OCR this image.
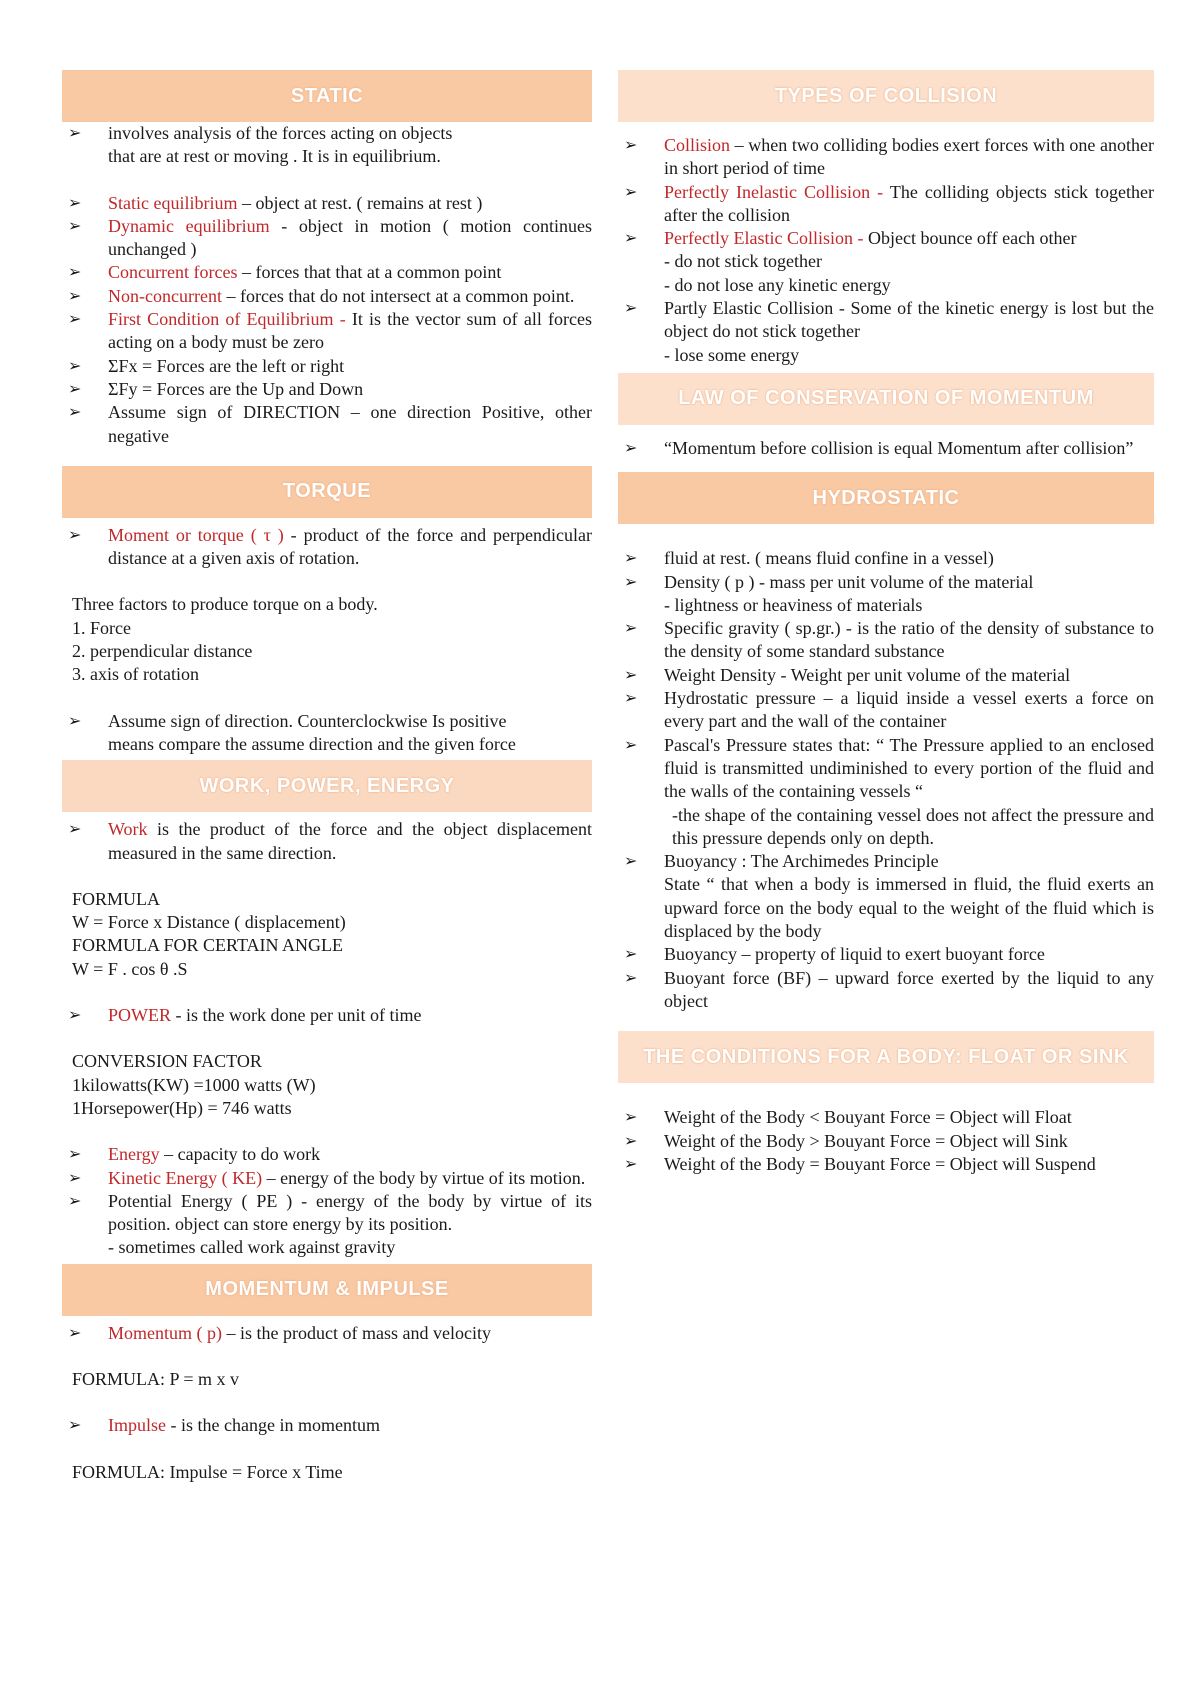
STATIC
➢ involves analysis of the forces acting on objects
that are at rest or moving . It is in equilibrium.
➢ Static equilibrium – object at rest. ( remains at rest )
➢ Dynamic equilibrium - object in motion ( motion continues unchanged )
➢ Concurrent forces – forces that that at a common point
➢ Non-concurrent – forces that do not intersect at a common point.
➢ First Condition of Equilibrium - It is the vector sum of all forces acting on a body must be zero
➢ ΣFx = Forces are the left or right
➢ ΣFy = Forces are the Up and Down
➢ Assume sign of DIRECTION – one direction Positive, other negative
TORQUE
➢ Moment or torque ( τ ) - product of the force and perpendicular distance at a given axis of rotation.
Three factors to produce torque on a body.
1. Force
2. perpendicular distance
3. axis of rotation
➢ Assume sign of direction. Counterclockwise Is positive
means compare the assume direction and the given force
WORK, POWER, ENERGY
➢ Work is the product of the force and the object displacement measured in the same direction.
FORMULA
W = Force x Distance ( displacement)
FORMULA FOR CERTAIN ANGLE
W = F . cos θ .S
➢ POWER - is the work done per unit of time
CONVERSION FACTOR
1kilowatts(KW) =1000 watts (W)
1Horsepower(Hp) = 746 watts
➢ Energy – capacity to do work
➢ Kinetic Energy ( KE) – energy of the body by virtue of its motion.
➢ Potential Energy ( PE ) - energy of the body by virtue of its position. object can store energy by its position.
- sometimes called work against gravity
MOMENTUM & IMPULSE
➢ Momentum ( p) – is the product of mass and velocity
FORMULA: P = m x v
➢ Impulse - is the change in momentum
FORMULA: Impulse = Force x Time
TYPES OF COLLISION
➢ Collision – when two colliding bodies exert forces with one another in short period of time
➢ Perfectly Inelastic Collision - The colliding objects stick together after the collision
➢ Perfectly Elastic Collision - Object bounce off each other
- do not stick together
- do not lose any kinetic energy
➢ Partly Elastic Collision - Some of the kinetic energy is lost but the object do not stick together
- lose some energy
LAW OF CONSERVATION OF MOMENTUM
➢ “Momentum before collision is equal Momentum after collision”
HYDROSTATIC
➢ fluid at rest. ( means fluid confine in a vessel)
➢ Density ( p ) - mass per unit volume of the material
- lightness or heaviness of materials
➢ Specific gravity ( sp.gr.) - is the ratio of the density of substance to the density of some standard substance
➢ Weight Density - Weight per unit volume of the material
➢ Hydrostatic pressure – a liquid inside a vessel exerts a force on every part and the wall of the container
➢ Pascal's Pressure states that: “ The Pressure applied to an enclosed fluid is transmitted undiminished to every portion of the fluid and the walls of the containing vessels “
-the shape of the containing vessel does not affect the pressure and this pressure depends only on depth.
➢ Buoyancy : The Archimedes Principle
State “ that when a body is immersed in fluid, the fluid exerts an upward force on the body equal to the weight of the fluid which is displaced by the body
➢ Buoyancy – property of liquid to exert buoyant force
➢ Buoyant force (BF) – upward force exerted by the liquid to any object
THE CONDITIONS FOR A BODY: FLOAT OR SINK
➢ Weight of the Body < Bouyant Force = Object will Float
➢ Weight of the Body > Bouyant Force = Object will Sink
➢ Weight of the Body = Bouyant Force = Object will Suspend
